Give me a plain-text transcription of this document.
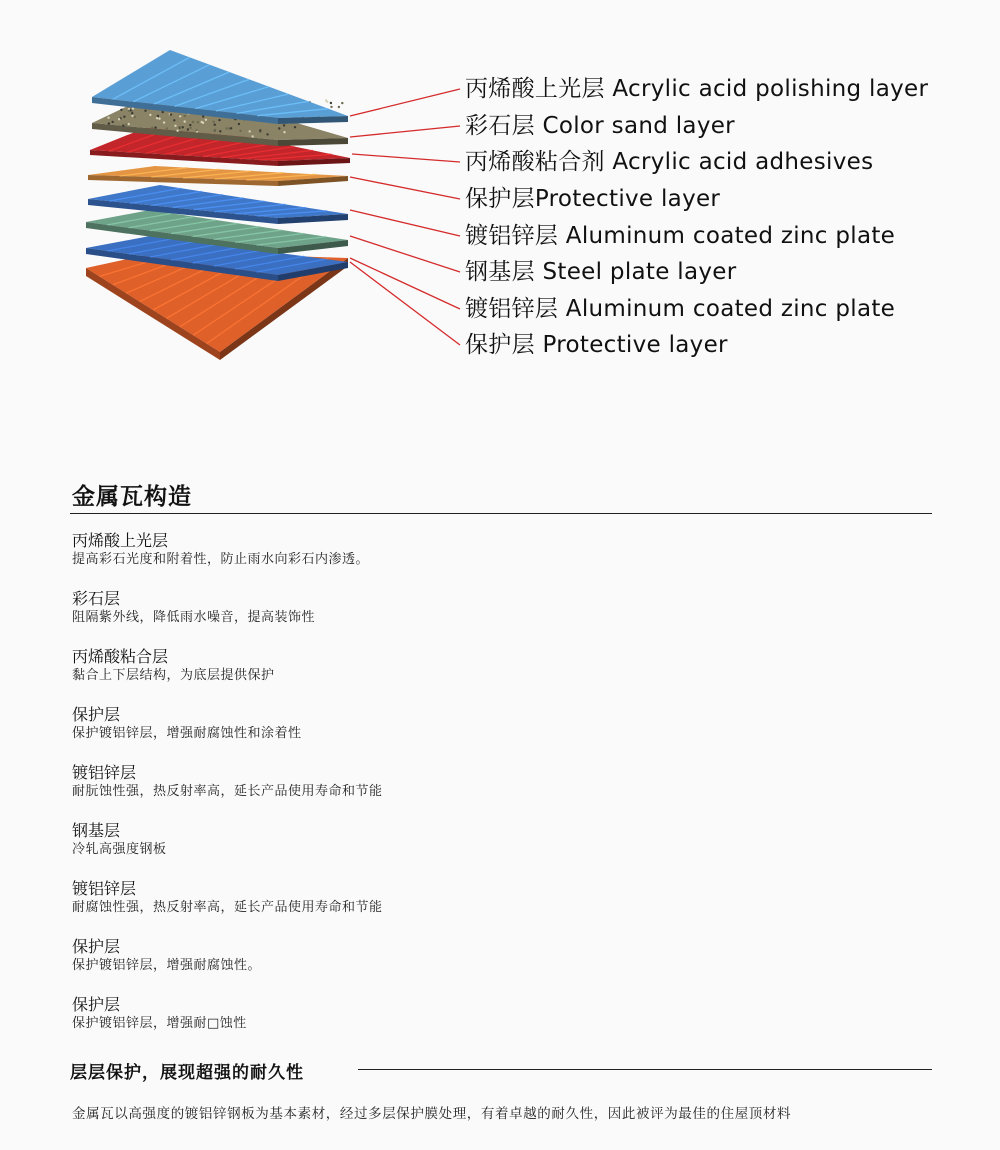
丙烯酸上光层 Acrylic acid polishing layer
彩石层 Color sand layer
丙烯酸粘合剂 Acrylic acid adhesives
保护层Protective layer
镀铝锌层 Aluminum coated zinc plate
钢基层 Steel plate layer
镀铝锌层 Aluminum coated zinc plate
保护层 Protective layer
金属瓦构造

丙烯酸上光层

提高彩石光度和附着性，防止雨水向彩石内渗透。

彩石层

阻隔紫外线，降低雨水噪音，提高装饰性

丙烯酸粘合层

黏合上下层结构，为底层提供保护

保护层

保护镀铝锌层，增强耐腐蚀性和涂着性

镀铝锌层

耐朊蚀性强，热反射率高，延长产品使用寿命和节能

钢基层

冷轧高强度钢板

镀铝锌层

耐腐蚀性强，热反射率高，延长产品使用寿命和节能

保护层

保护镀铝锌层，增强耐腐蚀性。

保护层

保护镀铝锌层，增强耐□蚀性

层层保护，展现超强的耐久性

金属瓦以高强度的镀铝锌钢板为基本素材，经过多层保护膜处理，有着卓越的耐久性，因此被评为最佳的住屋顶材料
